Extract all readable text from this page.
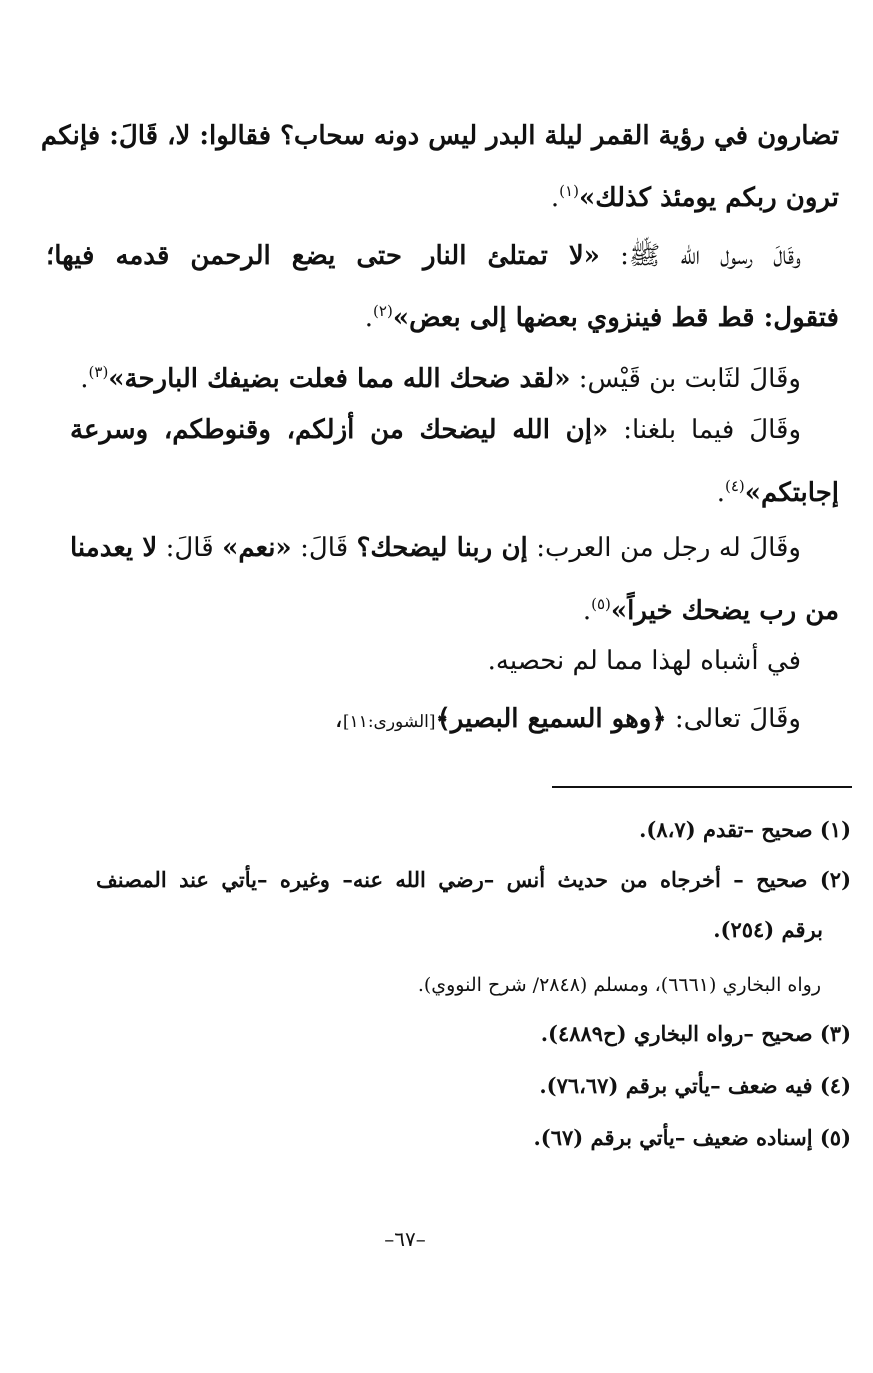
تضارون في رؤية القمر ليلة البدر ليس دونه سحاب؟ فقالوا: لا، قَالَ: فإنكم
ترون ربكم يومئذ كذلك»$^{(١)}$.
وقَالَ رسول الله ﷺ: «لا تمتلئ النار حتى يضع الرحمن قدمه فيها؛
فتقول: قط قط فينزوي بعضها إلى بعض»$^{(٢)}$.
وقَالَ لثَابت بن قَيْس: «لقد ضحك الله مما فعلت بضيفك البارحة»$^{(٣)}$.
وقَالَ فيما بلغنا: «إن الله ليضحك من أزلكم، وقنوطكم، وسرعة
إجابتكم»$^{(٤)}$.
وقَالَ له رجل من العرب: إن ربنا ليضحك؟ قَالَ: «نعم» قَالَ: لا يعدمنا
من رب يضحك خيراً»$^{(٥)}$.
في أشباه لهذا مما لم نحصيه.
وقَالَ تعالى: ﴿وهو السميع البصير﴾[الشورى:١١]،
(١) صحيح –تقدم (٨،٧).
(٢) صحيح – أخرجاه من حديث أنس –رضي الله عنه– وغيره –يأتي عند المصنف
برقم (٢٥٤).
رواه البخاري (٦٦٦١)، ومسلم (٢٨٤٨/ شرح النووي).
(٣) صحيح –رواه البخاري (ح٤٨٨٩).
(٤) فيه ضعف –يأتي برقم (٧٦،٦٧).
(٥) إسناده ضعيف –يأتي برقم (٦٧).
–٦٧–
